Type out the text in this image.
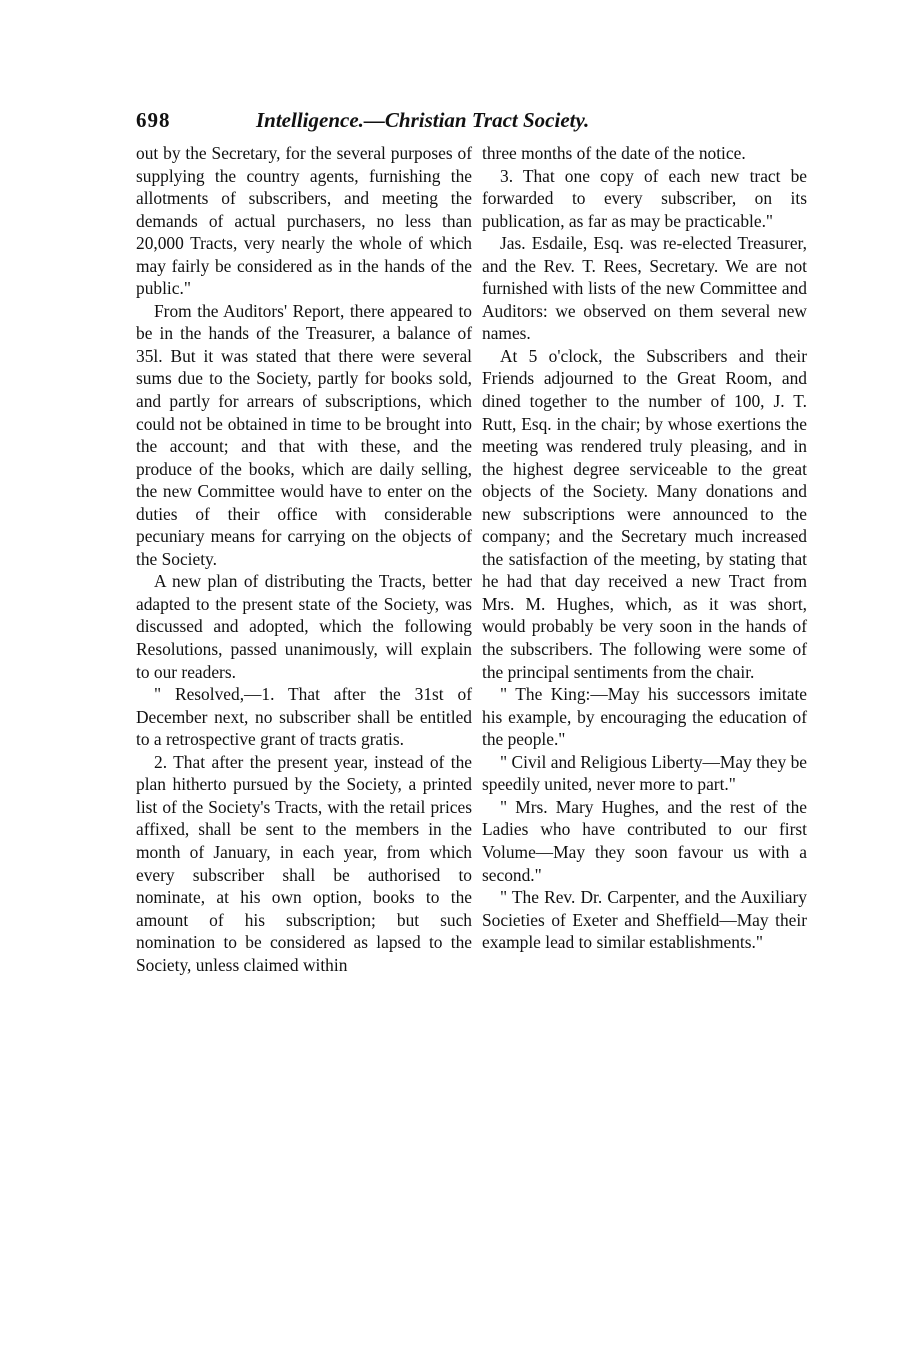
698	Intelligence.—Christian Tract Society.

out by the Secretary, for the several purposes of supplying the country agents, furnishing the allotments of subscribers, and meeting the demands of actual purchasers, no less than 20,000 Tracts, very nearly the whole of which may fairly be considered as in the hands of the public."

From the Auditors' Report, there appeared to be in the hands of the Treasurer, a balance of 35l. But it was stated that there were several sums due to the Society, partly for books sold, and partly for arrears of subscriptions, which could not be obtained in time to be brought into the account; and that with these, and the produce of the books, which are daily selling, the new Committee would have to enter on the duties of their office with considerable pecuniary means for carrying on the objects of the Society.

A new plan of distributing the Tracts, better adapted to the present state of the Society, was discussed and adopted, which the following Resolutions, passed unanimously, will explain to our readers.

" Resolved,—1. That after the 31st of December next, no subscriber shall be entitled to a retrospective grant of tracts gratis.

2. That after the present year, instead of the plan hitherto pursued by the Society, a printed list of the Society's Tracts, with the retail prices affixed, shall be sent to the members in the month of January, in each year, from which every subscriber shall be authorised to nominate, at his own option, books to the amount of his subscription; but such nomination to be considered as lapsed to the Society, unless claimed within

three months of the date of the notice.

3. That one copy of each new tract be forwarded to every subscriber, on its publication, as far as may be practicable."

Jas. Esdaile, Esq. was re-elected Treasurer, and the Rev. T. Rees, Secretary. We are not furnished with lists of the new Committee and Auditors: we observed on them several new names.

At 5 o'clock, the Subscribers and their Friends adjourned to the Great Room, and dined together to the number of 100, J. T. Rutt, Esq. in the chair; by whose exertions the meeting was rendered truly pleasing, and in the highest degree serviceable to the great objects of the Society. Many donations and new subscriptions were announced to the company; and the Secretary much increased the satisfaction of the meeting, by stating that he had that day received a new Tract from Mrs. M. Hughes, which, as it was short, would probably be very soon in the hands of the subscribers. The following were some of the principal sentiments from the chair.

" The King:—May his successors imitate his example, by encouraging the education of the people."

" Civil and Religious Liberty—May they be speedily united, never more to part."

" Mrs. Mary Hughes, and the rest of the Ladies who have contributed to our first Volume—May they soon favour us with a second."

" The Rev. Dr. Carpenter, and the Auxiliary Societies of Exeter and Sheffield—May their example lead to similar establishments."
